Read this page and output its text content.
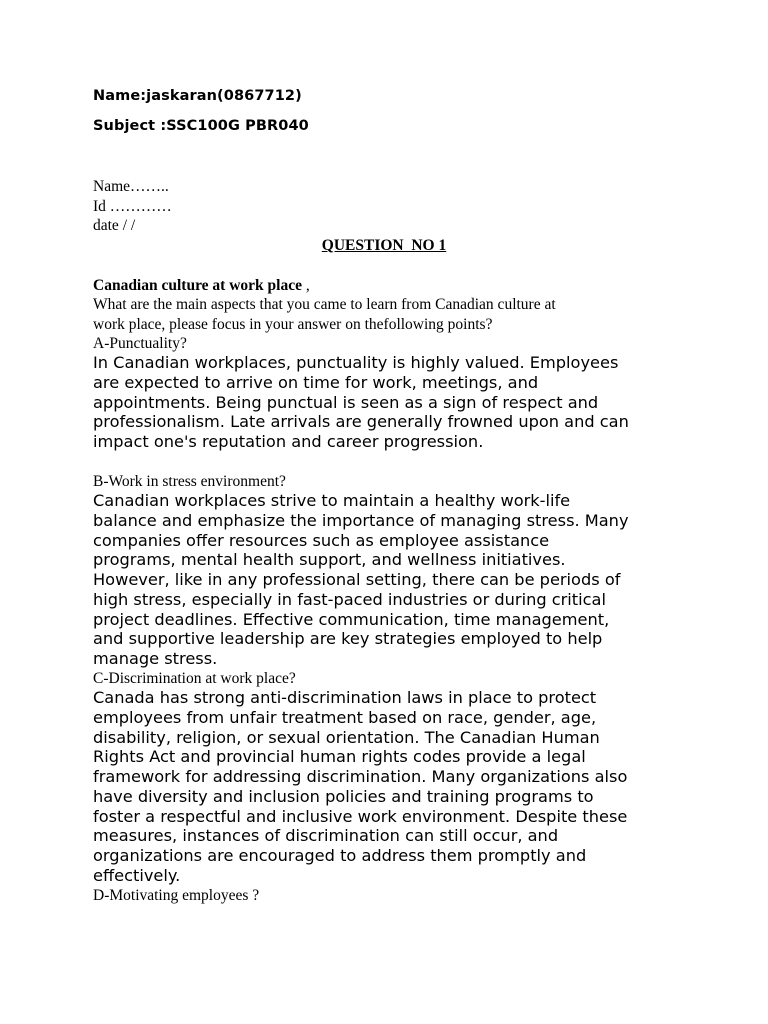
Name:jaskaran(0867712)

Subject :SSC100G PBR040

Name……..

Id …………

date / /

QUESTION  NO 1

Canadian culture at work place ,

What are the main aspects that you came to learn from Canadian culture at

work place, please focus in your answer on thefollowing points?

A-Punctuality?

In Canadian workplaces, punctuality is highly valued. Employees
are expected to arrive on time for work, meetings, and
appointments. Being punctual is seen as a sign of respect and
professionalism. Late arrivals are generally frowned upon and can
impact one's reputation and career progression.

B-Work in stress environment?

Canadian workplaces strive to maintain a healthy work-life
balance and emphasize the importance of managing stress. Many
companies offer resources such as employee assistance
programs, mental health support, and wellness initiatives.
However, like in any professional setting, there can be periods of
high stress, especially in fast-paced industries or during critical
project deadlines. Effective communication, time management,
and supportive leadership are key strategies employed to help
manage stress.

C-Discrimination at work place?

Canada has strong anti-discrimination laws in place to protect
employees from unfair treatment based on race, gender, age,
disability, religion, or sexual orientation. The Canadian Human
Rights Act and provincial human rights codes provide a legal
framework for addressing discrimination. Many organizations also
have diversity and inclusion policies and training programs to
foster a respectful and inclusive work environment. Despite these
measures, instances of discrimination can still occur, and
organizations are encouraged to address them promptly and
effectively.

D-Motivating employees ?
